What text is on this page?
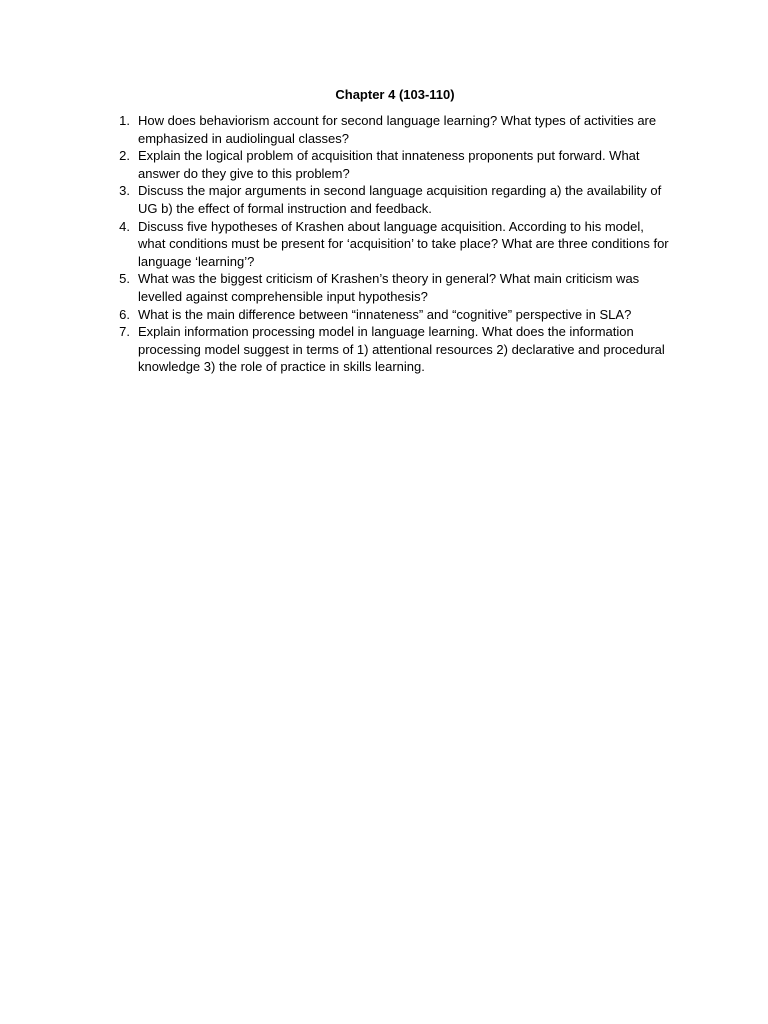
Chapter 4 (103-110)
1. How does behaviorism account for second language learning? What types of activities are emphasized in audiolingual classes?
2. Explain the logical problem of acquisition that innateness proponents put forward. What answer do they give to this problem?
3. Discuss the major arguments in second language acquisition regarding a) the availability of UG b) the effect of formal instruction and feedback.
4. Discuss five hypotheses of Krashen about language acquisition. According to his model, what conditions must be present for ‘acquisition’ to take place? What are three conditions for language ‘learning’?
5. What was the biggest criticism of Krashen’s theory in general? What main criticism was levelled against comprehensible input hypothesis?
6. What is the main difference between “innateness” and “cognitive” perspective in SLA?
7. Explain information processing model in language learning. What does the information processing model suggest in terms of 1) attentional resources 2) declarative and procedural knowledge 3) the role of practice in skills learning.
